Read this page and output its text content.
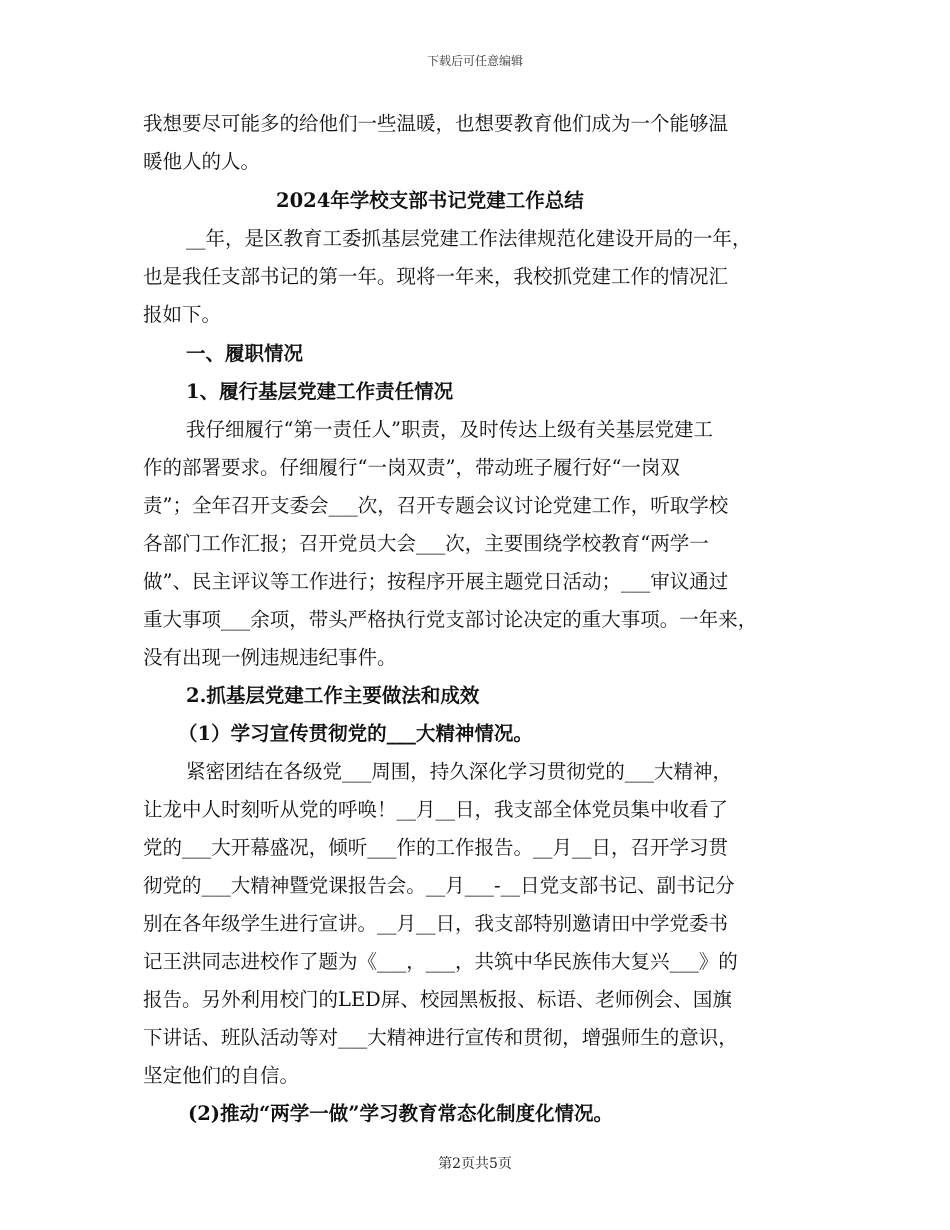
下载后可任意编辑
我想要尽可能多的给他们一些温暖，也想要教育他们成为一个能够温
暖他人的人。
2024年学校支部书记党建工作总结
__年，是区教育工委抓基层党建工作法律规范化建设开局的一年，
也是我任支部书记的第一年。现将一年来，我校抓党建工作的情况汇
报如下。
一、履职情况
1、履行基层党建工作责任情况
我仔细履行“第一责任人”职责，及时传达上级有关基层党建工
作的部署要求。仔细履行“一岗双责”，带动班子履行好“一岗双
责”；全年召开支委会___次，召开专题会议讨论党建工作，听取学校
各部门工作汇报；召开党员大会___次，主要围绕学校教育“两学一
做”、民主评议等工作进行；按程序开展主题党日活动；___审议通过
重大事项___余项，带头严格执行党支部讨论决定的重大事项。一年来，
没有出现一例违规违纪事件。
2.抓基层党建工作主要做法和成效
（1）学习宣传贯彻党的___大精神情况。
紧密团结在各级党___周围，持久深化学习贯彻党的___大精神，
让龙中人时刻听从党的呼唤！__月__日，我支部全体党员集中收看了
党的___大开幕盛况，倾听___作的工作报告。__月__日，召开学习贯
彻党的___大精神暨党课报告会。__月___-__日党支部书记、副书记分
别在各年级学生进行宣讲。__月__日，我支部特别邀请田中学党委书
记王洪同志进校作了题为《___，___，共筑中华民族伟大复兴___》的
报告。另外利用校门的LED屏、校园黑板报、标语、老师例会、国旗
下讲话、班队活动等对___大精神进行宣传和贯彻，增强师生的意识，
坚定他们的自信。
(2)推动“两学一做”学习教育常态化制度化情况。
第2页共5页
